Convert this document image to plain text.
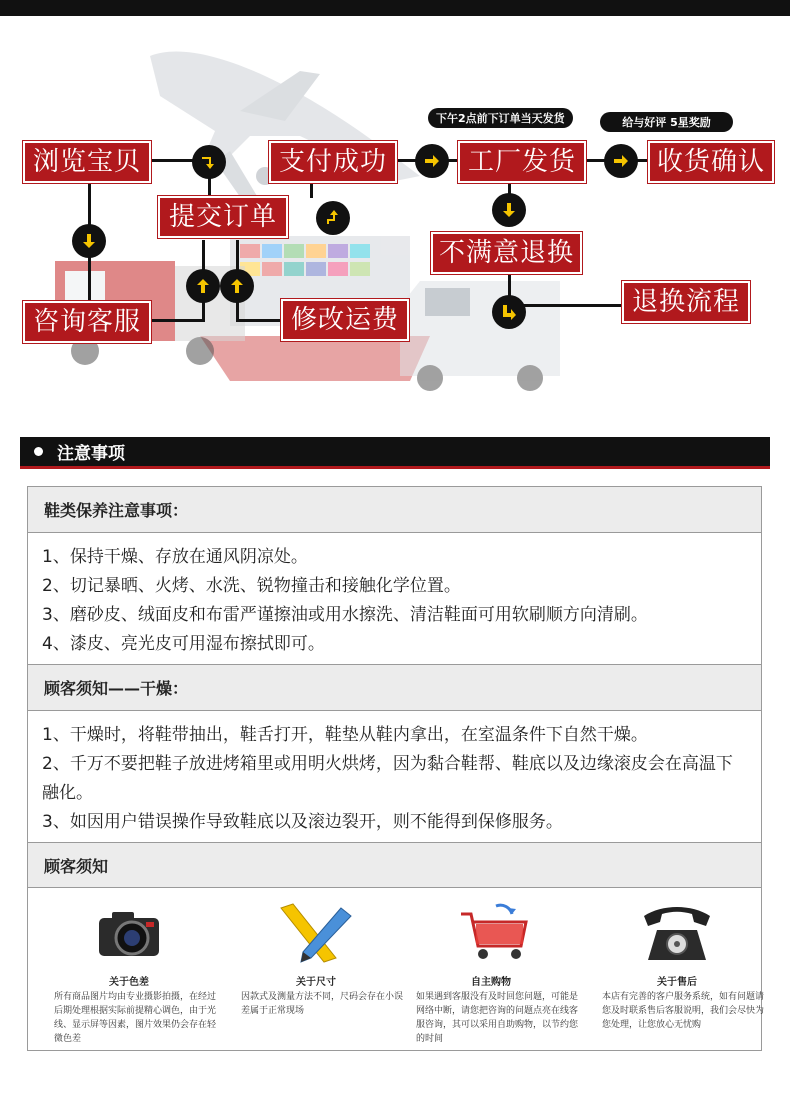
浏览宝贝
提交订单
支付成功	工厂发货	收货确认
咨询客服	修改运费
不满意退换
退换流程
下午2点前下订单当天发货	给与好评 5星奖励
注意事项
鞋类保养注意事项：
1、保持干燥、存放在通风阴凉处。
2、切记暴晒、火烤、水洗、锐物撞击和接触化学位置。
3、磨砂皮、绒面皮和布雷严谨擦油或用水擦洗、清洁鞋面可用软刷顺方向清刷。
4、漆皮、亮光皮可用湿布擦拭即可。
顾客须知——干燥：
1、干燥时，将鞋带抽出，鞋舌打开，鞋垫从鞋内拿出，在室温条件下自然干燥。
2、千万不要把鞋子放进烤箱里或用明火烘烤，因为黏合鞋帮、鞋底以及边缘滚皮会在高温下融化。
3、如因用户错误操作导致鞋底以及滚边裂开，则不能得到保修服务。
顾客须知
关于色差
所有商品图片均由专业摄影拍摄，在经过后期处理根据实际前提精心调色，由于光线、显示屏等因素，图片效果仍会存在轻微色差
关于尺寸
因款式及测量方法不同，尺码会存在小误差属于正常现场
自主购物
如果遇到客服没有及时回您问题，可能是网络中断，请您把咨询的问题点亮在线客服咨询，其可以采用自助购物，以节约您的时间
关于售后
本店有完善的客户服务系统，如有问题请您及时联系售后客服说明，我们会尽快为您处理，让您放心无忧购
